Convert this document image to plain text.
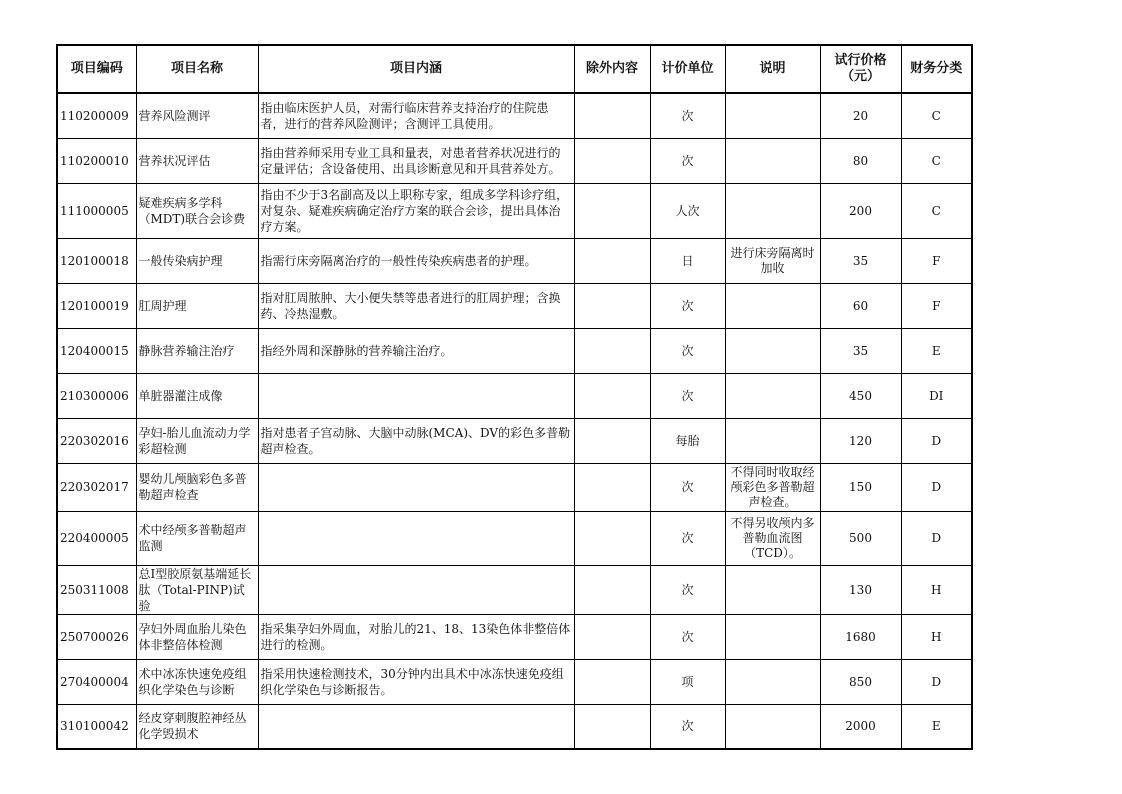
项目编码	项目名称	项目内涵	除外内容	计价单位	说明	试行价格（元）	财务分类
110200009	营养风险测评	指由临床医护人员，对需行临床营养支持治疗的住院患者，进行的营养风险测评；含测评工具使用。		次		20	C
110200010	营养状况评估	指由营养师采用专业工具和量表，对患者营养状况进行的定量评估；含设备使用、出具诊断意见和开具营养处方。		次		80	C
111000005	疑难疾病多学科（MDT)联合会诊费	指由不少于3名副高及以上职称专家，组成多学科诊疗组，对复杂、疑难疾病确定治疗方案的联合会诊，提出具体治疗方案。		人次		200	C
120100018	一般传染病护理	指需行床旁隔离治疗的一般性传染疾病患者的护理。		日	进行床旁隔离时加收	35	F
120100019	肛周护理	指对肛周脓肿、大小便失禁等患者进行的肛周护理；含换药、冷热湿敷。		次		60	F
120400015	静脉营养输注治疗	指经外周和深静脉的营养输注治疗。		次		35	E
210300006	单脏器灌注成像			次		450	DI
220302016	孕妇-胎儿血流动力学彩超检测	指对患者子宫动脉、大脑中动脉(MCA)、DV的彩色多普勒超声检查。		每胎		120	D
220302017	婴幼儿颅脑彩色多普勒超声检查			次	不得同时收取经颅彩色多普勒超声检查。	150	D
220400005	术中经颅多普勒超声监测			次	不得另收颅内多普勒血流图（TCD）。	500	D
250311008	总I型胶原氨基端延长肽（Total-PINP)试验			次		130	H
250700026	孕妇外周血胎儿染色体非整倍体检测	指采集孕妇外周血，对胎儿的21、18、13染色体非整倍体进行的检测。		次		1680	H
270400004	术中冰冻快速免疫组织化学染色与诊断	指采用快速检测技术，30分钟内出具术中冰冻快速免疫组织化学染色与诊断报告。		项		850	D
310100042	经皮穿刺腹腔神经丛化学毁损术			次		2000	E
